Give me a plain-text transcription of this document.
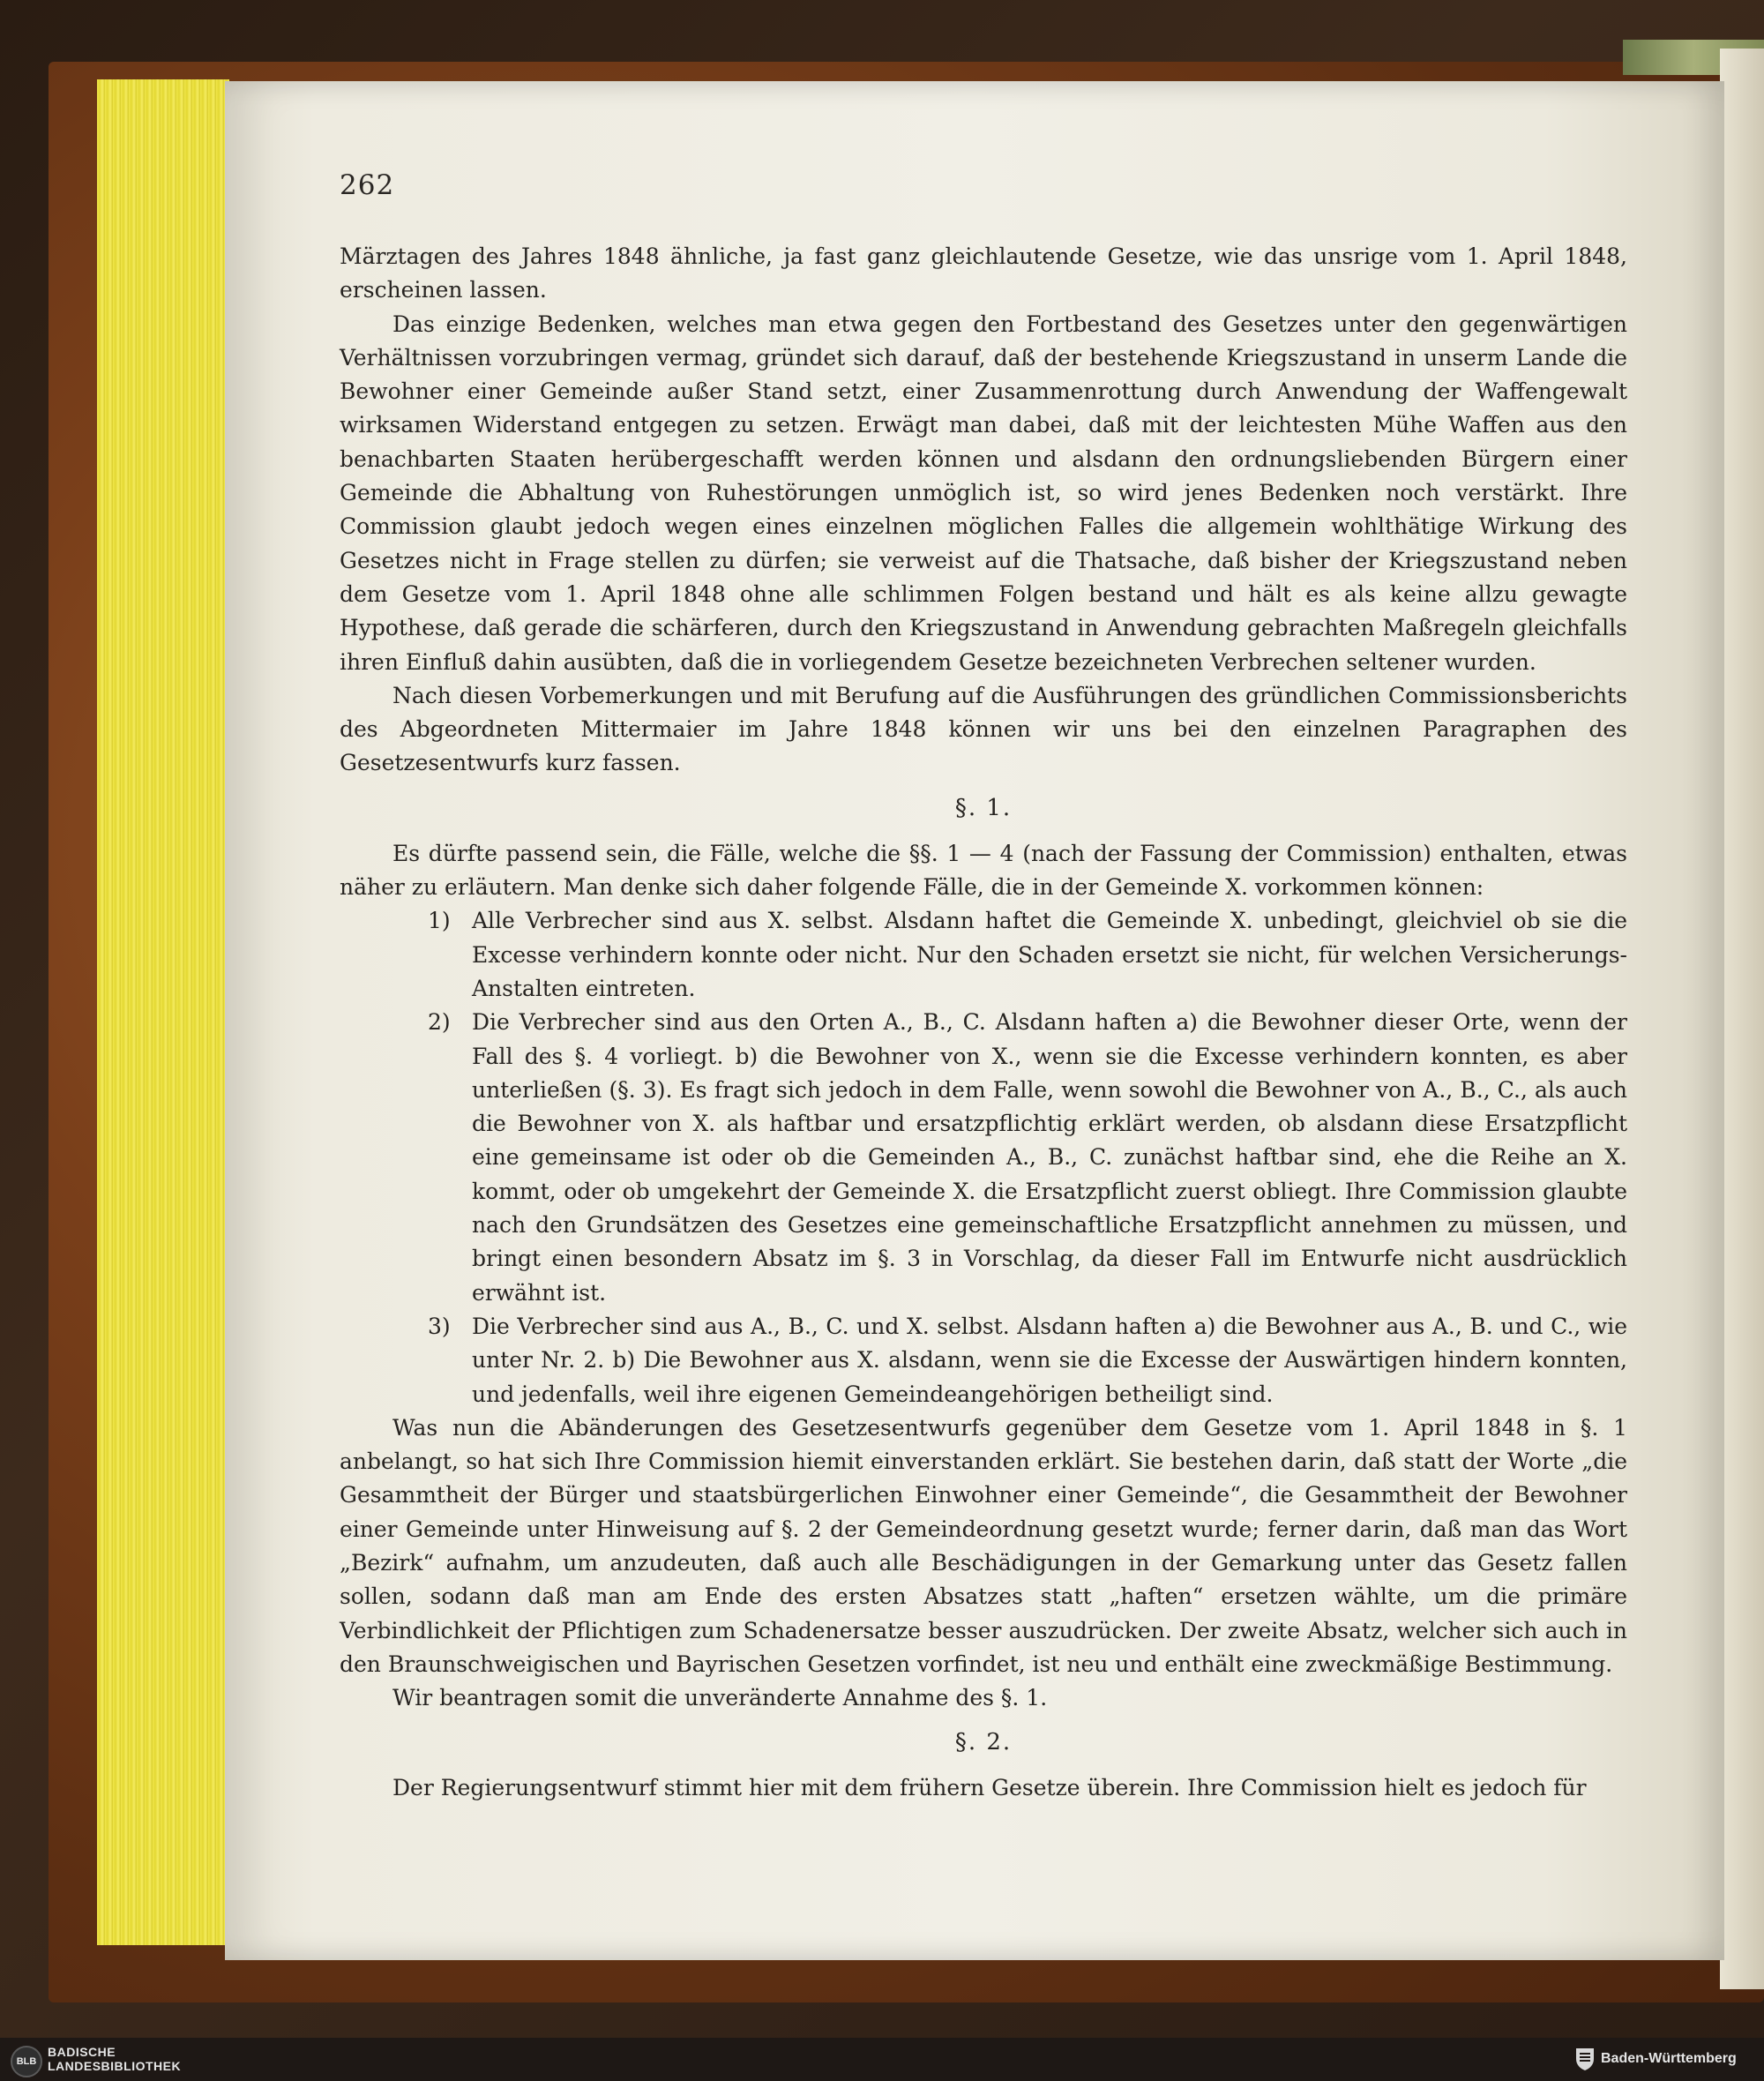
262

Märztagen des Jahres 1848 ähnliche, ja fast ganz gleichlautende Gesetze, wie das unsrige vom 1. April 1848, erscheinen lassen.

Das einzige Bedenken, welches man etwa gegen den Fortbestand des Gesetzes unter den gegenwärtigen Verhältnissen vorzubringen vermag, gründet sich darauf, daß der bestehende Kriegszustand in unserm Lande die Bewohner einer Gemeinde außer Stand setzt, einer Zusammenrottung durch Anwendung der Waffengewalt wirksamen Widerstand entgegen zu setzen. Erwägt man dabei, daß mit der leichtesten Mühe Waffen aus den benachbarten Staaten herübergeschafft werden können und alsdann den ordnungsliebenden Bürgern einer Gemeinde die Abhaltung von Ruhestörungen unmöglich ist, so wird jenes Bedenken noch verstärkt. Ihre Commission glaubt jedoch wegen eines einzelnen möglichen Falles die allgemein wohlthätige Wirkung des Gesetzes nicht in Frage stellen zu dürfen; sie verweist auf die Thatsache, daß bisher der Kriegszustand neben dem Gesetze vom 1. April 1848 ohne alle schlimmen Folgen bestand und hält es als keine allzu gewagte Hypothese, daß gerade die schärferen, durch den Kriegszustand in Anwendung gebrachten Maßregeln gleichfalls ihren Einfluß dahin ausübten, daß die in vorliegendem Gesetze bezeichneten Verbrechen seltener wurden.

Nach diesen Vorbemerkungen und mit Berufung auf die Ausführungen des gründlichen Commissionsberichts des Abgeordneten Mittermaier im Jahre 1848 können wir uns bei den einzelnen Paragraphen des Gesetzesentwurfs kurz fassen.

§. 1.

Es dürfte passend sein, die Fälle, welche die §§. 1 — 4 (nach der Fassung der Commission) enthalten, etwas näher zu erläutern. Man denke sich daher folgende Fälle, die in der Gemeinde X. vorkommen können:

1) Alle Verbrecher sind aus X. selbst. Alsdann haftet die Gemeinde X. unbedingt, gleichviel ob sie die Excesse verhindern konnte oder nicht. Nur den Schaden ersetzt sie nicht, für welchen Versicherungs-Anstalten eintreten.

2) Die Verbrecher sind aus den Orten A., B., C. Alsdann haften a) die Bewohner dieser Orte, wenn der Fall des §. 4 vorliegt. b) die Bewohner von X., wenn sie die Excesse verhindern konnten, es aber unterließen (§. 3). Es fragt sich jedoch in dem Falle, wenn sowohl die Bewohner von A., B., C., als auch die Bewohner von X. als haftbar und ersatzpflichtig erklärt werden, ob alsdann diese Ersatzpflicht eine gemeinsame ist oder ob die Gemeinden A., B., C. zunächst haftbar sind, ehe die Reihe an X. kommt, oder ob umgekehrt der Gemeinde X. die Ersatzpflicht zuerst obliegt. Ihre Commission glaubte nach den Grundsätzen des Gesetzes eine gemeinschaftliche Ersatzpflicht annehmen zu müssen, und bringt einen besondern Absatz im §. 3 in Vorschlag, da dieser Fall im Entwurfe nicht ausdrücklich erwähnt ist.

3) Die Verbrecher sind aus A., B., C. und X. selbst. Alsdann haften a) die Bewohner aus A., B. und C., wie unter Nr. 2. b) Die Bewohner aus X. alsdann, wenn sie die Excesse der Auswärtigen hindern konnten, und jedenfalls, weil ihre eigenen Gemeindeangehörigen betheiligt sind.

Was nun die Abänderungen des Gesetzesentwurfs gegenüber dem Gesetze vom 1. April 1848 in §. 1 anbelangt, so hat sich Ihre Commission hiemit einverstanden erklärt. Sie bestehen darin, daß statt der Worte „die Gesammtheit der Bürger und staatsbürgerlichen Einwohner einer Gemeinde“, die Gesammtheit der Bewohner einer Gemeinde unter Hinweisung auf §. 2 der Gemeindeordnung gesetzt wurde; ferner darin, daß man das Wort „Bezirk“ aufnahm, um anzudeuten, daß auch alle Beschädigungen in der Gemarkung unter das Gesetz fallen sollen, sodann daß man am Ende des ersten Absatzes statt „haften“ ersetzen wählte, um die primäre Verbindlichkeit der Pflichtigen zum Schadenersatze besser auszudrücken. Der zweite Absatz, welcher sich auch in den Braunschweigischen und Bayrischen Gesetzen vorfindet, ist neu und enthält eine zweckmäßige Bestimmung.

Wir beantragen somit die unveränderte Annahme des §. 1.

§. 2.

Der Regierungsentwurf stimmt hier mit dem frühern Gesetze überein. Ihre Commission hielt es jedoch für

BLB
BADISCHE
LANDESBIBLIOTHEK	Baden-Württemberg
